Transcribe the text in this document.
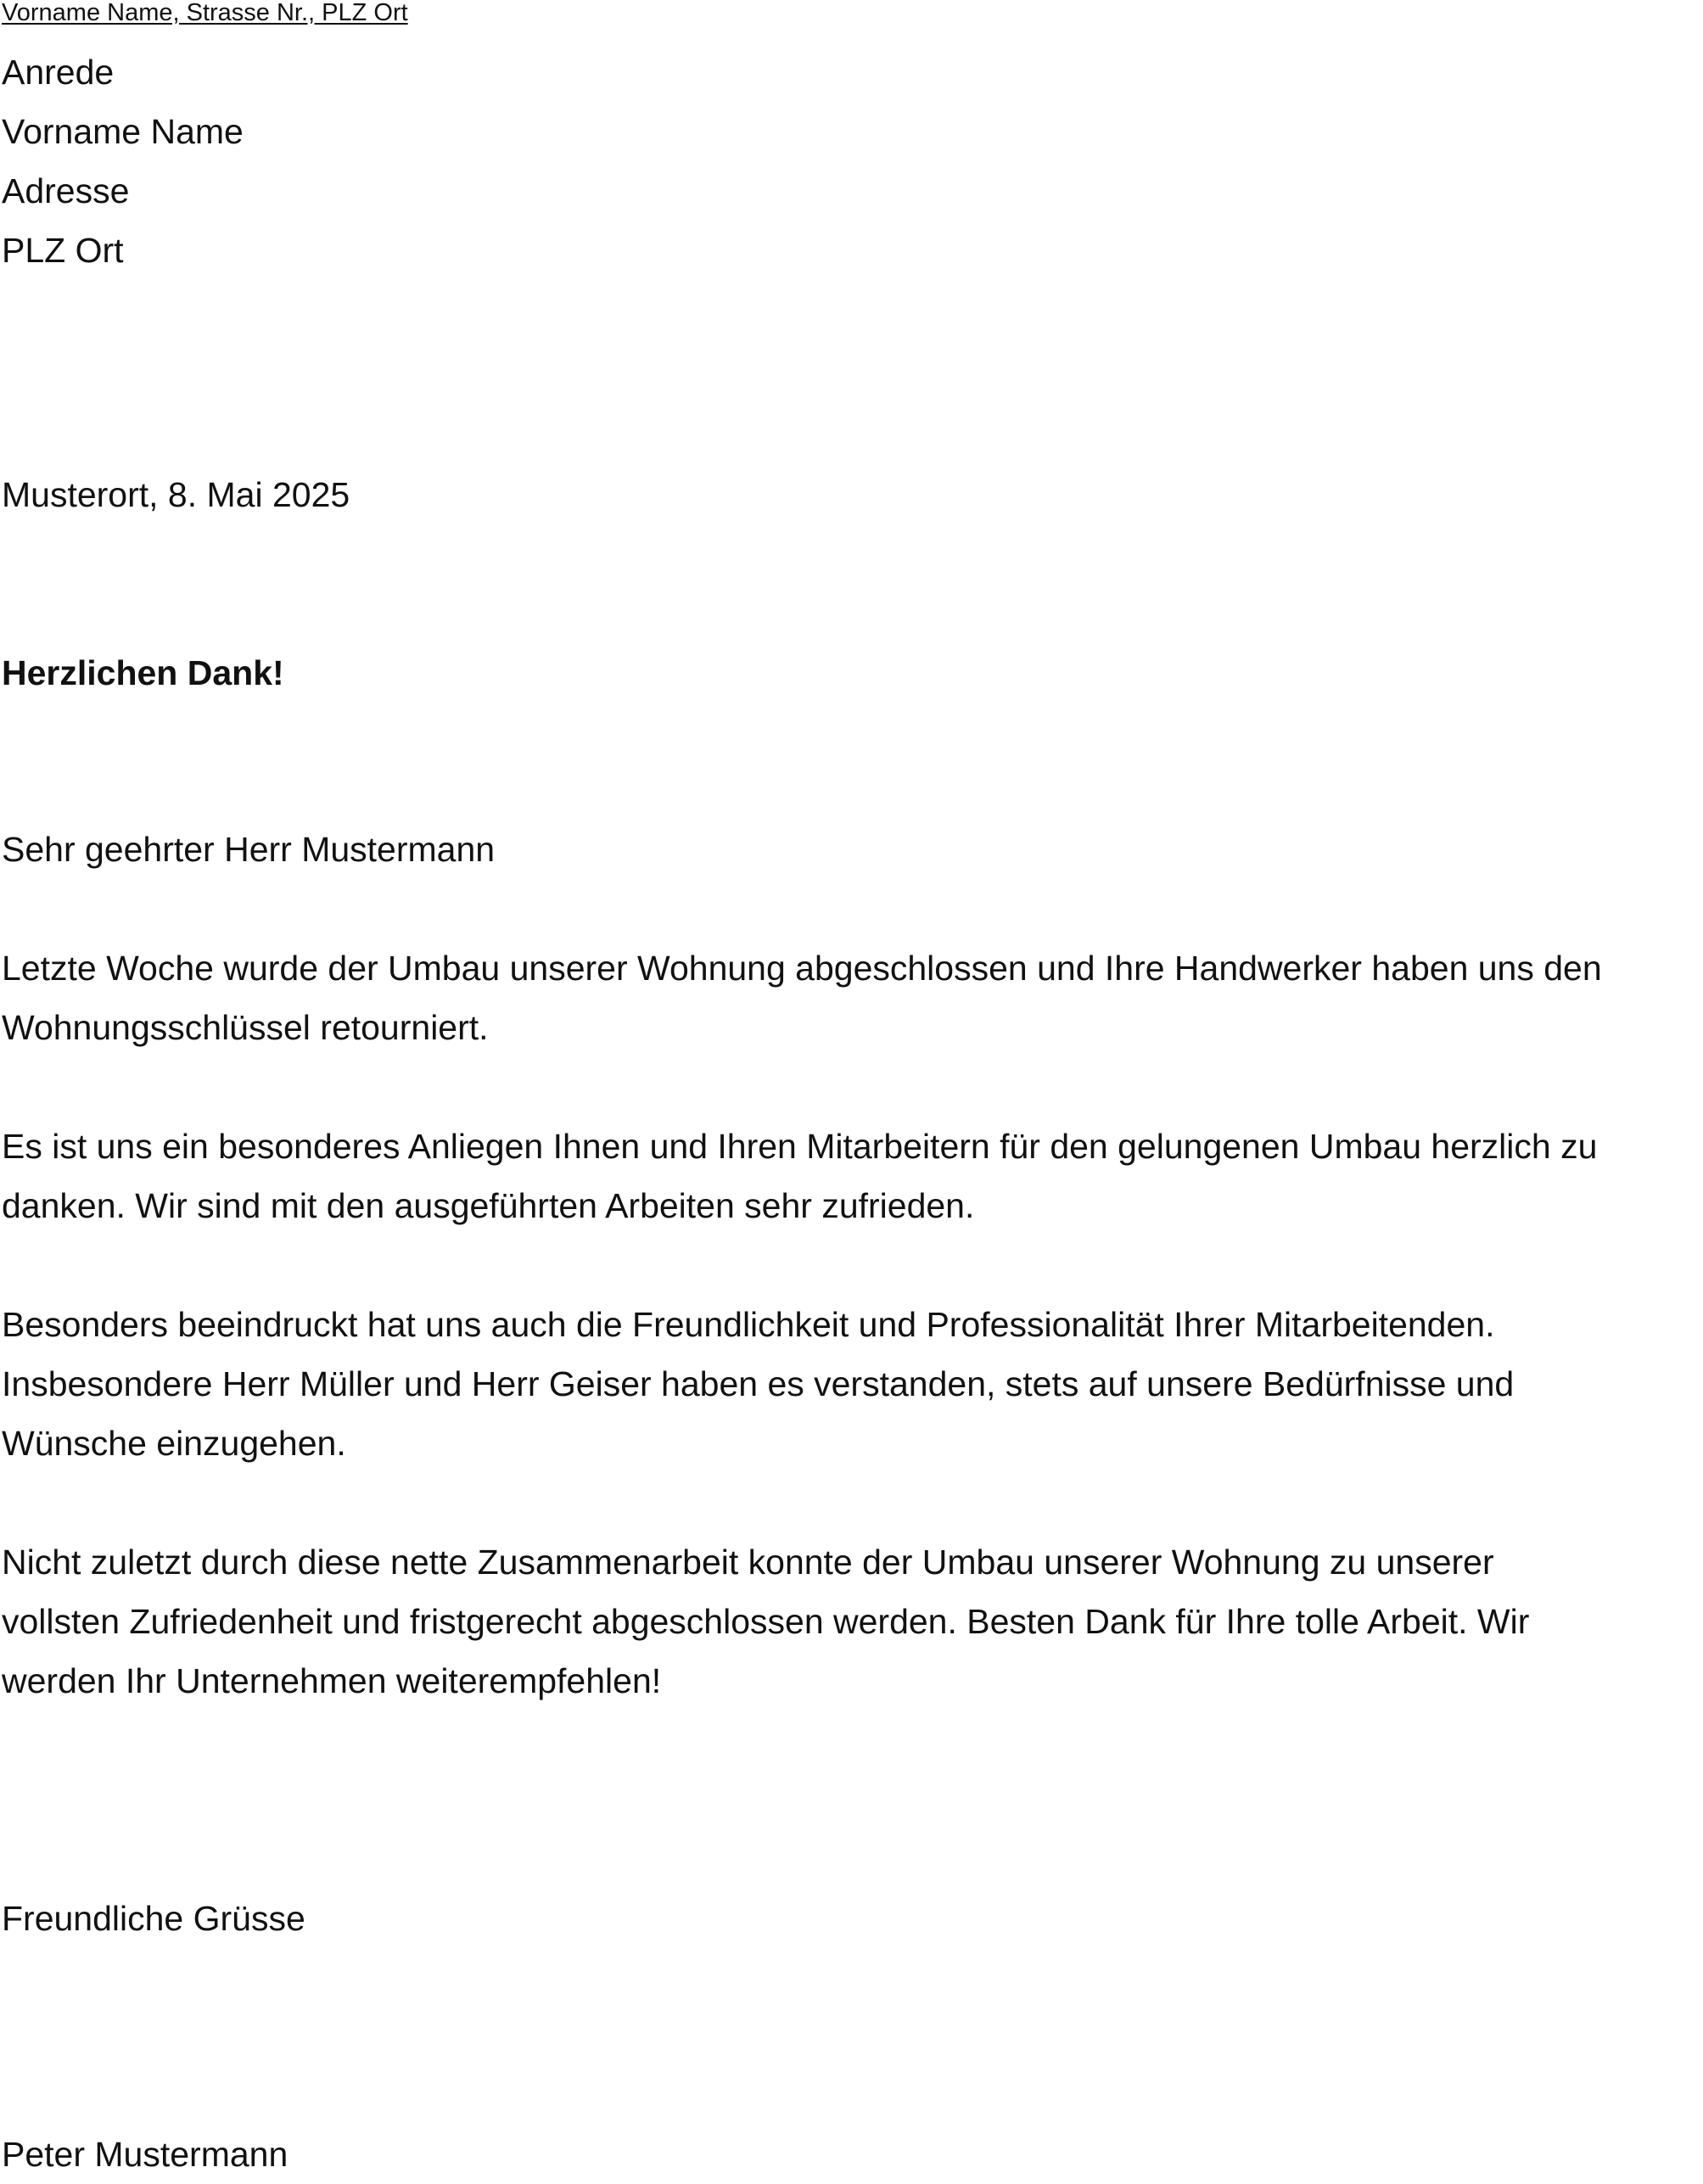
Vorname Name, Strasse Nr., PLZ Ort

Anrede
Vorname Name
Adresse
PLZ Ort

Musterort, 8. Mai 2025

Herzlichen Dank!

Sehr geehrter Herr Mustermann

Letzte Woche wurde der Umbau unserer Wohnung abgeschlossen und Ihre Handwerker haben uns den
Wohnungsschlüssel retourniert.
Es ist uns ein besonderes Anliegen Ihnen und Ihren Mitarbeitern für den gelungenen Umbau herzlich zu
danken. Wir sind mit den ausgeführten Arbeiten sehr zufrieden.
Besonders beeindruckt hat uns auch die Freundlichkeit und Professionalität Ihrer Mitarbeitenden.
Insbesondere Herr Müller und Herr Geiser haben es verstanden, stets auf unsere Bedürfnisse und
Wünsche einzugehen.
Nicht zuletzt durch diese nette Zusammenarbeit konnte der Umbau unserer Wohnung zu unserer
vollsten Zufriedenheit und fristgerecht abgeschlossen werden. Besten Dank für Ihre tolle Arbeit. Wir
werden Ihr Unternehmen weiterempfehlen!

Freundliche Grüsse

Peter Mustermann
